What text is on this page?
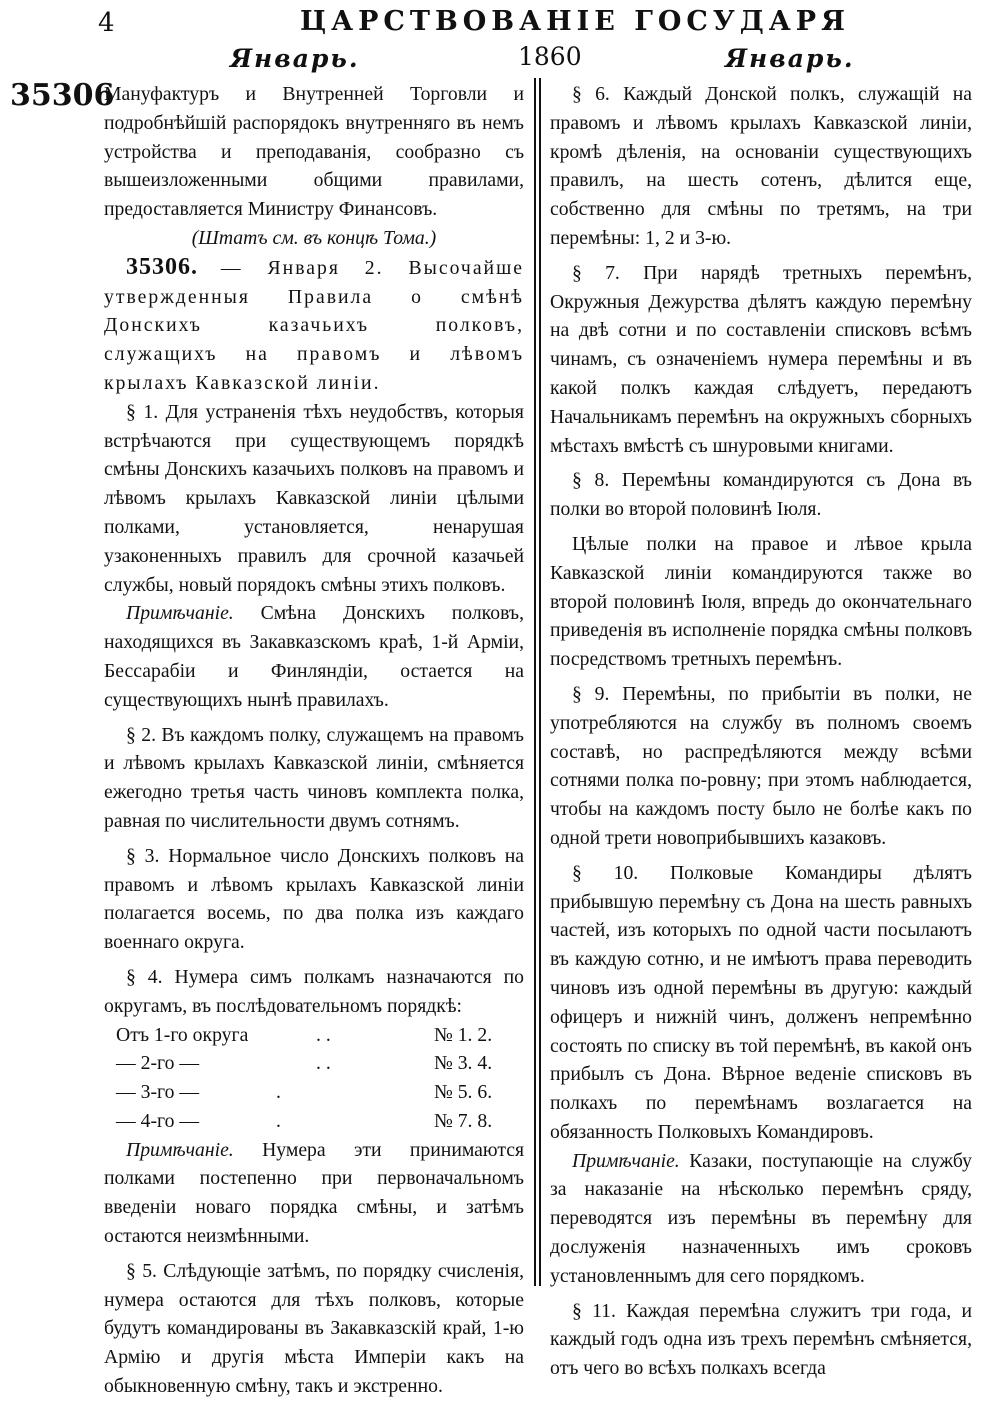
4	ЦАРСТВОВАНІЕ ГОСУДАРЯ
Январь.	1860	Январь.
35306

Мануфактуръ и Внутренней Торговли и подробнѣйшій распорядокъ внутренняго въ немъ устройства и преподаванія, сообразно съ вышеизложенными общими правилами, предоставляется Министру Финансовъ.

(Штатъ см. въ концѣ Тома.)

35306. — Января 2. Высочайше утвержденныя Правила о смѣнѣ Донскихъ казачьихъ полковъ, служащихъ на правомъ и лѣвомъ крылахъ Кавказской линіи.

§ 1. Для устраненія тѣхъ неудобствъ, которыя встрѣчаются при существующемъ порядкѣ смѣны Донскихъ казачьихъ полковъ на правомъ и лѣвомъ крылахъ Кавказской линіи цѣлыми полками, установляется, ненарушая узаконенныхъ правилъ для срочной казачьей службы, новый порядокъ смѣны этихъ полковъ.

Примѣчаніе. Смѣна Донскихъ полковъ, находящихся въ Закавказскомъ краѣ, 1-й Арміи, Бессарабіи и Финляндіи, остается на существующихъ нынѣ правилахъ.

§ 2. Въ каждомъ полку, служащемъ на правомъ и лѣвомъ крылахъ Кавказской линіи, смѣняется ежегодно третья часть чиновъ комплекта полка, равная по числительности двумъ сотнямъ.

§ 3. Нормальное число Донскихъ полковъ на правомъ и лѣвомъ крылахъ Кавказской линіи полагается восемь, по два полка изъ каждаго военнаго округа.

§ 4. Нумера симъ полкамъ назначаются по округамъ, въ послѣдовательномъ порядкѣ:

Отъ 1-го округа	. .	№ 1. 2.
— 2-го —	. .	№ 3. 4.
— 3-го —	.	№ 5. 6.
— 4-го —	.	№ 7. 8.

Примѣчаніе. Нумера эти принимаются полками постепенно при первоначальномъ введеніи новаго порядка смѣны, и затѣмъ остаются неизмѣнными.

§ 5. Слѣдующіе затѣмъ, по порядку счисленія, нумера остаются для тѣхъ полковъ, которые будутъ командированы въ Закавказскій край, 1-ю Армію и другія мѣста Имперіи какъ на обыкновенную смѣну, такъ и экстренно.

§ 6. Каждый Донской полкъ, служащій на правомъ и лѣвомъ крылахъ Кавказской линіи, кромѣ дѣленія, на основаніи существующихъ правилъ, на шесть сотенъ, дѣлится еще, собственно для смѣны по третямъ, на три перемѣны: 1, 2 и 3-ю.

§ 7. При нарядѣ третныхъ перемѣнъ, Окружныя Дежурства дѣлятъ каждую перемѣну на двѣ сотни и по составленіи списковъ всѣмъ чинамъ, съ означеніемъ нумера перемѣны и въ какой полкъ каждая слѣдуетъ, передаютъ Начальникамъ перемѣнъ на окружныхъ сборныхъ мѣстахъ вмѣстѣ съ шнуровыми книгами.

§ 8. Перемѣны командируются съ Дона въ полки во второй половинѣ Іюля.

Цѣлые полки на правое и лѣвое крыла Кавказской линіи командируются также во второй половинѣ Іюля, впредь до окончательнаго приведенія въ исполненіе порядка смѣны полковъ посредствомъ третныхъ перемѣнъ.

§ 9. Перемѣны, по прибытіи въ полки, не употребляются на службу въ полномъ своемъ составѣ, но распредѣляются между всѣми сотнями полка по-ровну; при этомъ наблюдается, чтобы на каждомъ посту было не болѣе какъ по одной трети новоприбывшихъ казаковъ.

§ 10. Полковые Командиры дѣлятъ прибывшую перемѣну съ Дона на шесть равныхъ частей, изъ которыхъ по одной части посылаютъ въ каждую сотню, и не имѣютъ права переводить чиновъ изъ одной перемѣны въ другую: каждый офицеръ и нижній чинъ, долженъ непремѣнно состоять по списку въ той перемѣнѣ, въ какой онъ прибылъ съ Дона. Вѣрное веденіе списковъ въ полкахъ по перемѣнамъ возлагается на обязанность Полковыхъ Командировъ.

Примѣчаніе. Казаки, поступающіе на службу за наказаніе на нѣсколько перемѣнъ сряду, переводятся изъ перемѣны въ перемѣну для дослуженія назначенныхъ имъ сроковъ установленнымъ для сего порядкомъ.

§ 11. Каждая перемѣна служитъ три года, и каждый годъ одна изъ трехъ перемѣнъ смѣняется, отъ чего во всѣхъ полкахъ всегда
